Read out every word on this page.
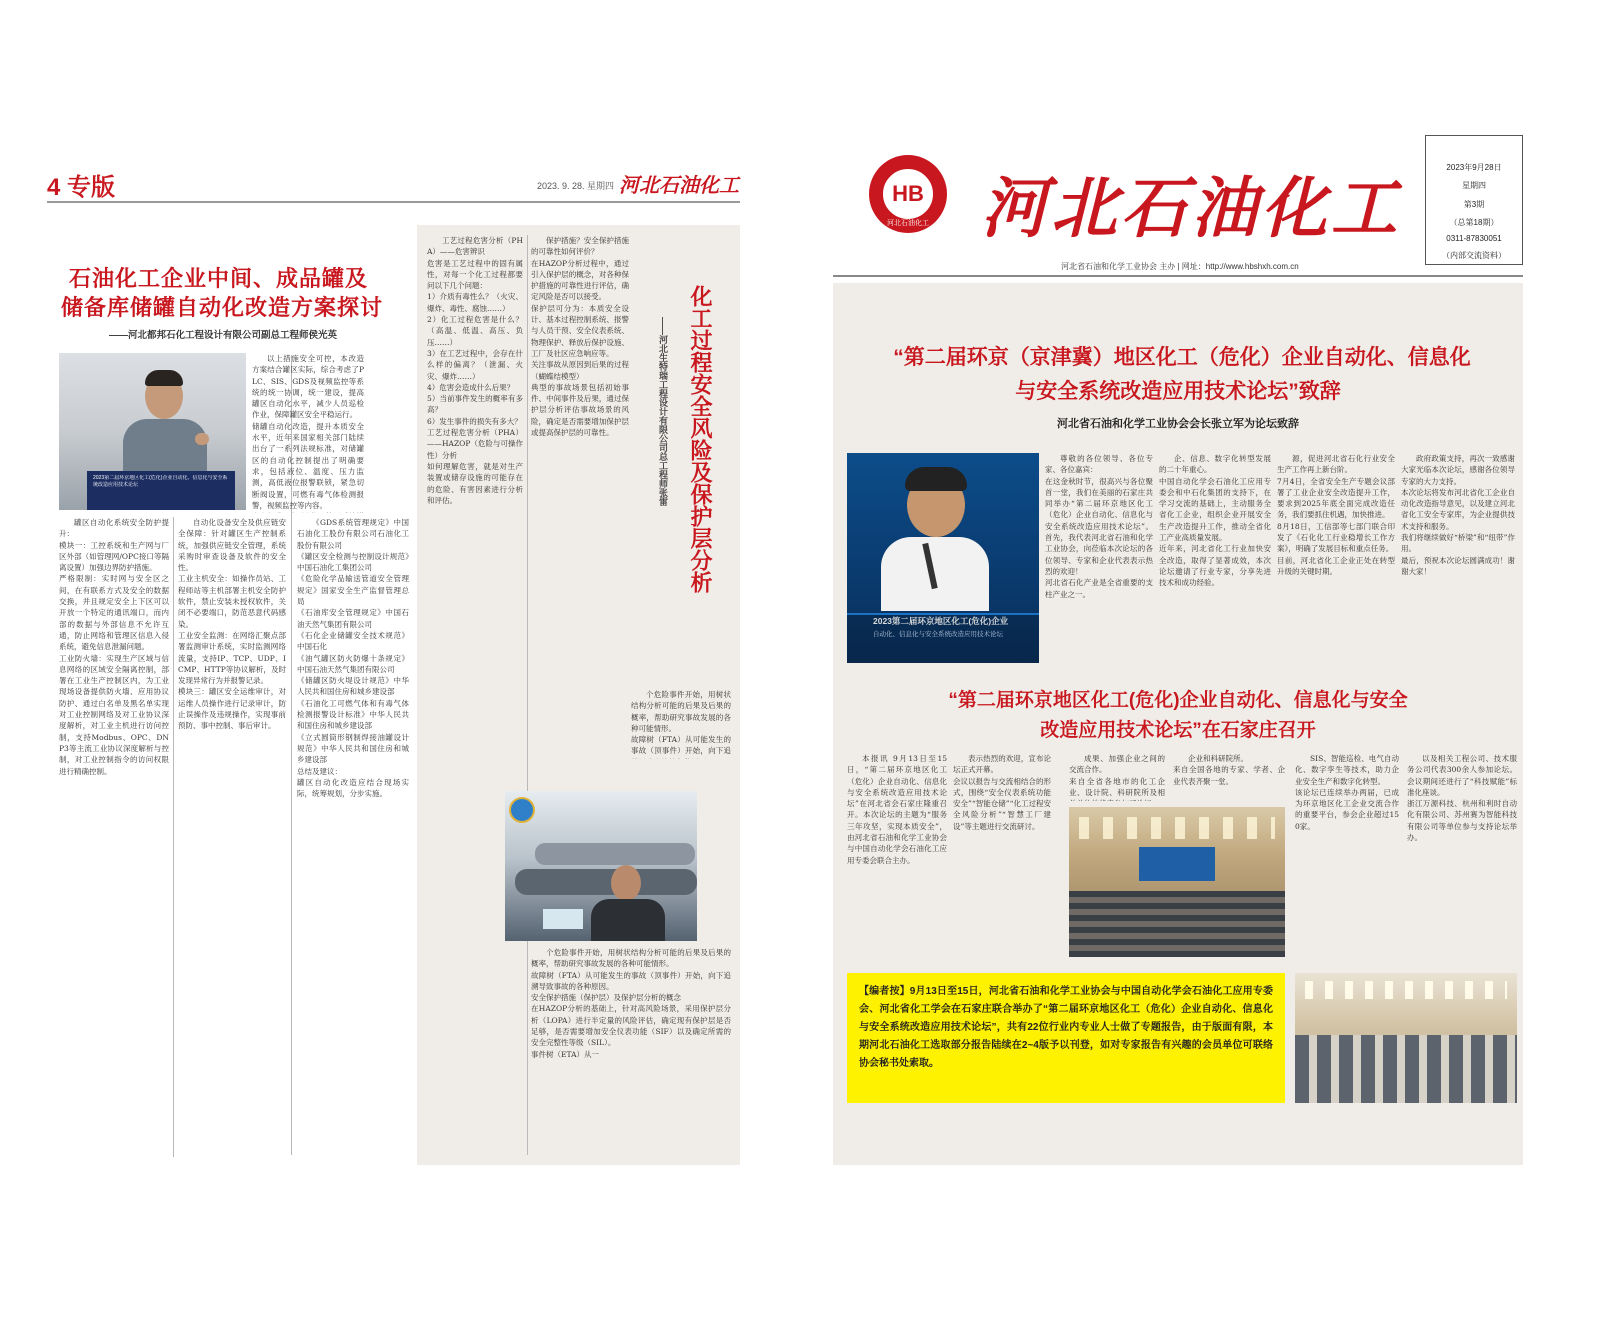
4 专版	2023. 9. 28. 星期四 河北石油化工
石油化工企业中间、成品罐及
储备库储罐自动化改造方案探讨
——河北都邦石化工程设计有限公司副总工程师侯光英
2023第二届环京地区化工(危化)企业自动化、信息化与安全系统改造应用技术论坛

罐区自动化系统安全防护提升：
模块一：工控系统和生产网与厂区外部（如管理网/OPC接口等隔离设置）加强边界防护措施。
严格限制：实时网与安全区之间，在有联系方式及安全的数据交换，并且规定安全上下区可以开放一个特定的通讯端口，而内部的数据与外部信息不允许互通，防止网络和管理区信息入侵系统，避免信息泄漏问题。
工业防火墙：实现生产区域与信息网络的区域安全隔离控制，部署在工业生产控制区内，为工业现场设备提供防火墙、应用协议防护、通过白名单及黑名单实现对工业控制网络及对工业协议深度解析，对工业主机进行访问控制，支持Modbus、OPC、DNP3等主流工业协议深度解析与控制，对工业控制指令的访问权限进行精确控制。

自动化设备安全及供应链安全保障：针对罐区生产控制系统，加强供应链安全管理，系统采购时审查设备及软件的安全性。
工业主机安全：如操作员站、工程师站等主机部署主机安全防护软件，禁止安装未授权软件，关闭不必要端口，防范恶意代码感染。
工业安全监测：在网络汇聚点部署监测审计系统，实时监测网络流量，支持IP、TCP、UDP、ICMP、HTTP等协议解析，及时发现异常行为并报警记录。
模块三：罐区安全运维审计，对运维人员操作进行记录审计，防止误操作及违规操作，实现事前预防、事中控制、事后审计。

以上措施安全可控，本改造方案结合罐区实际，综合考虑了PLC、SIS、GDS及视频监控等系统的统一协调，统一建设，提高罐区自动化水平，减少人员巡检作业，保障罐区安全平稳运行。
储罐自动化改造，提升本质安全水平，近年来国家相关部门陆续出台了一系列法规标准，对储罐区的自动化控制提出了明确要求，包括液位、温度、压力监测，高低液位报警联锁，紧急切断阀设置，可燃有毒气体检测报警，视频监控等内容。

《GDS系统管理规定》中国石油化工股份有限公司石油化工股份有限公司
《罐区安全检测与控制设计规范》中国石油化工集团公司
《危险化学品输送管道安全管理规定》国家安全生产监督管理总局
《石油库安全管理规定》中国石油天然气集团有限公司
《石化企业储罐安全技术规范》中国石化
《油气罐区防火防爆十条规定》中国石油天然气集团有限公司
《储罐区防火堤设计规范》中华人民共和国住房和城乡建设部
《石油化工可燃气体和有毒气体检测报警设计标准》中华人民共和国住房和城乡建设部
《立式圆筒形钢制焊接油罐设计规范》中华人民共和国住房和城乡建设部
总结及建议：
罐区自动化改造应结合现场实际，统筹规划，分步实施。

化工过程安全风险及保护层分析
——河北生特瑞工程设计有限公司总工程师张雷

工艺过程危害分析（PHA）——危害辨识
危害是工艺过程中的固有属性，对每一个化工过程都要问以下几个问题：
1）介质有毒性么？（火灾、爆炸、毒性、腐蚀……）
2）化工过程危害是什么？（高温、低温、高压、负压……）
3）在工艺过程中，会存在什么样的偏离？（泄漏、火灾、爆炸……）
4）危害会造成什么后果？
5）当前事件发生的概率有多高？
6）发生事件的损失有多大？
工艺过程危害分析（PHA）——HAZOP（危险与可操作性）分析
如何理解危害，就是对生产装置或储存设施的可能存在的危险、有害因素进行分析和评估。

保护措施？安全保护措施的可靠性如何评价？
在HAZOP分析过程中，通过引入保护层的概念，对各种保护措施的可靠性进行评估，确定风险是否可以接受。
保护层可分为：本质安全设计、基本过程控制系统、报警与人员干预、安全仪表系统、物理保护、释放后保护设施、工厂及社区应急响应等。
关注事故从原因到后果的过程（蝴蝶结模型）
典型的事故场景包括初始事件、中间事件及后果，通过保护层分析评估事故场景的风险，确定是否需要增加保护层或提高保护层的可靠性。

个危险事件开始，用树状结构分析可能的后果及后果的概率，帮助研究事故发展的各种可能情形。
故障树（FTA）从可能发生的事故（顶事件）开始，向下追

个危险事件开始，用树状结构分析可能的后果及后果的概率，帮助研究事故发展的各种可能情形。
故障树（FTA）从可能发生的事故（顶事件）开始，向下追溯导致事故的各种原因。
安全保护措施（保护层）及保护层分析的概念
在HAZOP分析的基础上，针对高风险场景，采用保护层分析（LOPA）进行半定量的风险评估，确定现有保护层是否足够，是否需要增加安全仪表功能（SIF）以及确定所需的安全完整性等级（SIL）。
事件树（ETA）从一

HB
河北石油化工 河北石油化工
2023年9月28日
星期四
第3期
（总第18期）
0311-87830051
（内部交流资料）
河北省石油和化学工业协会 主办 | 网址：http://www.hbshxh.com.cn
“第二届环京（京津冀）地区化工（危化）企业自动化、信息化
与安全系统改造应用技术论坛”致辞
河北省石油和化学工业协会会长张立军为论坛致辞
2023第二届环京地区化工(危化)企业
自动化、信息化与安全系统改造应用技术论坛

尊敬的各位领导、各位专家、各位嘉宾：
在这金秋时节，很高兴与各位聚首一堂，我们在美丽的石家庄共同举办“第二届环京地区化工（危化）企业自动化、信息化与安全系统改造应用技术论坛”。首先，我代表河北省石油和化学工业协会，向莅临本次论坛的各位领导、专家和企业代表表示热烈的欢迎！
河北省石化产业是全省重要的支柱产业之一。

企、信息、数字化转型发展的二十年重心。
中国自动化学会石油化工应用专委会和中石化集团的支持下，在学习交流的基础上，主动服务全省化工企业，组织企业开展安全生产改造提升工作，推动全省化工产业高质量发展。
近年来，河北省化工行业加快安全改造，取得了显著成效，本次论坛邀请了行业专家，分享先进技术和成功经验。

源，促进河北省石化行业安全生产工作再上新台阶。
7月4日，全省安全生产专题会议部署了工业企业安全改造提升工作，要求到2025年底全面完成改造任务，我们要抓住机遇，加快推进。
8月18日，工信部等七部门联合印发了《石化化工行业稳增长工作方案》，明确了发展目标和重点任务。
目前，河北省化工企业正处在转型升级的关键时期。

政府政策支持，再次一致感谢大家光临本次论坛，感谢各位领导专家的大力支持。
本次论坛将发布河北省化工企业自动化改造指导意见，以及建立河北省化工安全专家库，为企业提供技术支持和服务。
我们将继续做好“桥梁”和“纽带”作用。
最后，预祝本次论坛圆满成功！谢谢大家！

“第二届环京地区化工(危化)企业自动化、信息化与安全
改造应用技术论坛”在石家庄召开

本报讯 9月13日至15日，“第二届环京地区化工（危化）企业自动化、信息化与安全系统改造应用技术论坛”在河北省会石家庄隆重召开。本次论坛的主题为“服务三年攻坚，实现本质安全”，由河北省石油和化学工业协会与中国自动化学会石油化工应用专委会联合主办。

表示热烈的欢迎，宣布论坛正式开幕。
会议以报告与交流相结合的形式，围绕“安全仪表系统功能安全”“智能仓储”“化工过程安全风险分析”“智慧工厂建设”等主题进行交流研讨。

成果、加强企业之间的交流合作。
来自全省各地市的化工企业、设计院、科研院所及相

企业和科研院所。
来自全国各地的专家、学者、企业代表齐聚一堂。

SIS、智能巡检、电气自动化、数字孪生等技术，助力企业安全生产和数字化转型。
该论坛已连续举办两届，已成为环京地区化工企业交流合作的重要平台，参会企业超过150家。

以及相关工程公司、技术服务公司代表300余人参加论坛。会议期间还进行了“科技赋能”标准化座谈。
浙江万源科技、杭州和利时自动化有限公司、苏州赛为智能科技有限公司等单位参与支持论坛举办。

【编者按】9月13日至15日，河北省石油和化学工业协会与中国自动化学会石油化工应用专委会、河北省化工学会在石家庄联合举办了“第二届环京地区化工（危化）企业自动化、信息化与安全系统改造应用技术论坛”，共有22位行业内专业人士做了专题报告，由于版面有限，本期河北石油化工选取部分报告陆续在2~4版予以刊登，如对专家报告有兴趣的会员单位可联络协会秘书处索取。
